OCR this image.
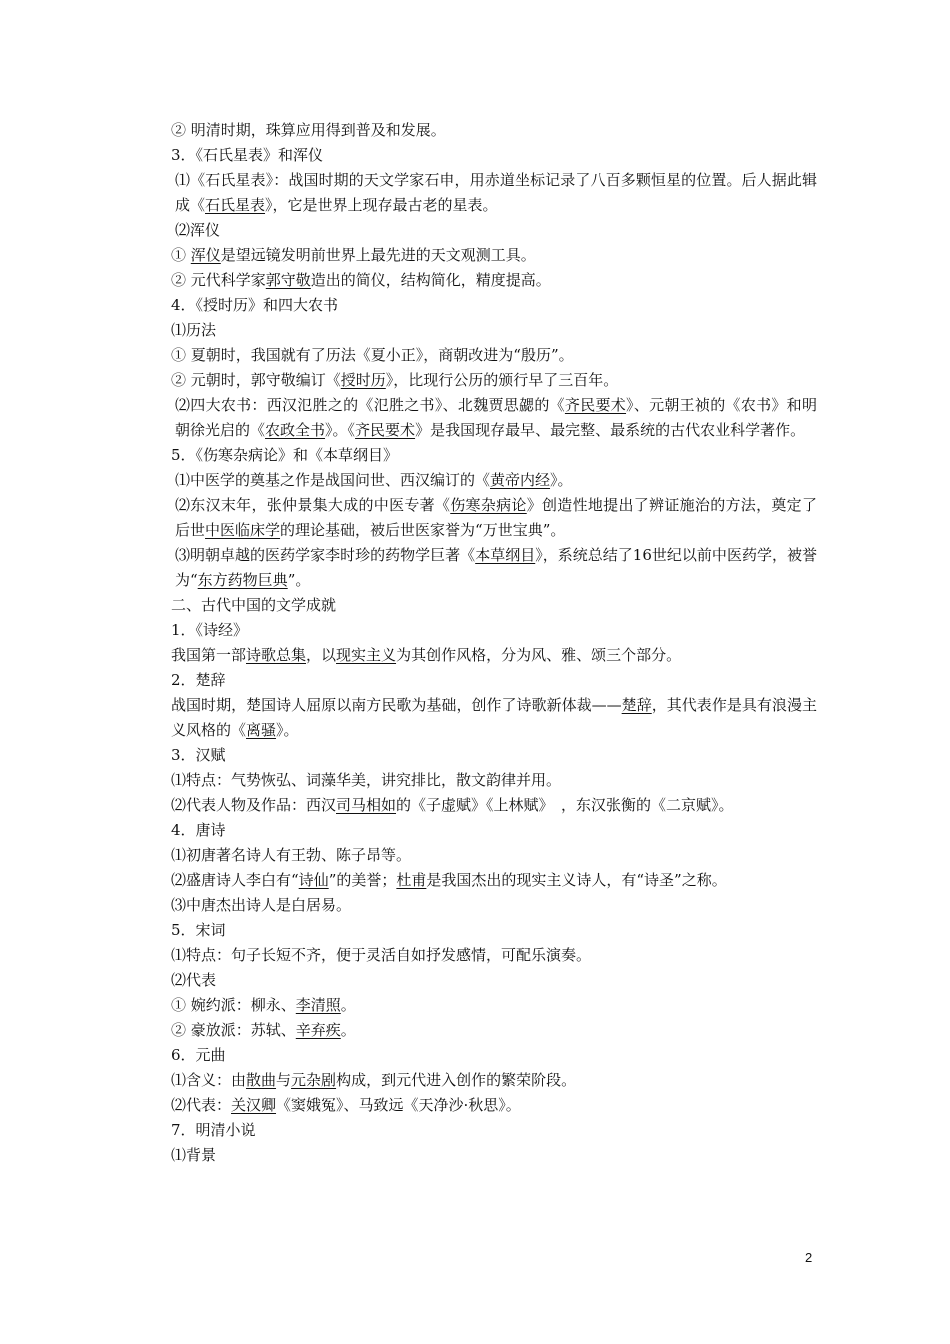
② 明清时期，珠算应用得到普及和发展。
3．《石氏星表》和浑仪
⑴《石氏星表》：战国时期的天文学家石申，用赤道坐标记录了八百多颗恒星的位置。后人据此辑成《石氏星表》，它是世界上现存最古老的星表。
⑵浑仪
① 浑仪是望远镜发明前世界上最先进的天文观测工具。
② 元代科学家郭守敬造出的简仪，结构简化，精度提高。
4．《授时历》和四大农书
⑴历法
① 夏朝时，我国就有了历法《夏小正》，商朝改进为“殷历”。
② 元朝时，郭守敬编订《授时历》，比现行公历的颁行早了三百年。
⑵四大农书：西汉氾胜之的《氾胜之书》、北魏贾思勰的《齐民要术》、元朝王祯的《农书》和明朝徐光启的《农政全书》。《齐民要术》是我国现存最早、最完整、最系统的古代农业科学著作。
5．《伤寒杂病论》和《本草纲目》
⑴中医学的奠基之作是战国问世、西汉编订的《黄帝内经》。
⑵东汉末年，张仲景集大成的中医专著《伤寒杂病论》创造性地提出了辨证施治的方法，奠定了后世中医临床学的理论基础，被后世医家誉为“万世宝典”。
⑶明朝卓越的医药学家李时珍的药物学巨著《本草纲目》，系统总结了16世纪以前中医药学，被誉为“东方药物巨典”。
二、古代中国的文学成就
1．《诗经》
我国第一部诗歌总集，以现实主义为其创作风格，分为风、雅、颂三个部分。
2．楚辞
战国时期，楚国诗人屈原以南方民歌为基础，创作了诗歌新体裁——楚辞，其代表作是具有浪漫主义风格的《离骚》。
3．汉赋
⑴特点：气势恢弘、词藻华美，讲究排比，散文韵律并用。
⑵代表人物及作品：西汉司马相如的《子虚赋》《上林赋》　，东汉张衡的《二京赋》。
4．唐诗
⑴初唐著名诗人有王勃、陈子昂等。
⑵盛唐诗人李白有“诗仙”的美誉；杜甫是我国杰出的现实主义诗人，有“诗圣”之称。
⑶中唐杰出诗人是白居易。
5．宋词
⑴特点：句子长短不齐，便于灵活自如抒发感情，可配乐演奏。
⑵代表
① 婉约派：柳永、李清照。
② 豪放派：苏轼、辛弃疾。
6．元曲
⑴含义：由散曲与元杂剧构成，到元代进入创作的繁荣阶段。
⑵代表：关汉卿《窦娥冤》、马致远《天净沙·秋思》。
7．明清小说
⑴背景
2
